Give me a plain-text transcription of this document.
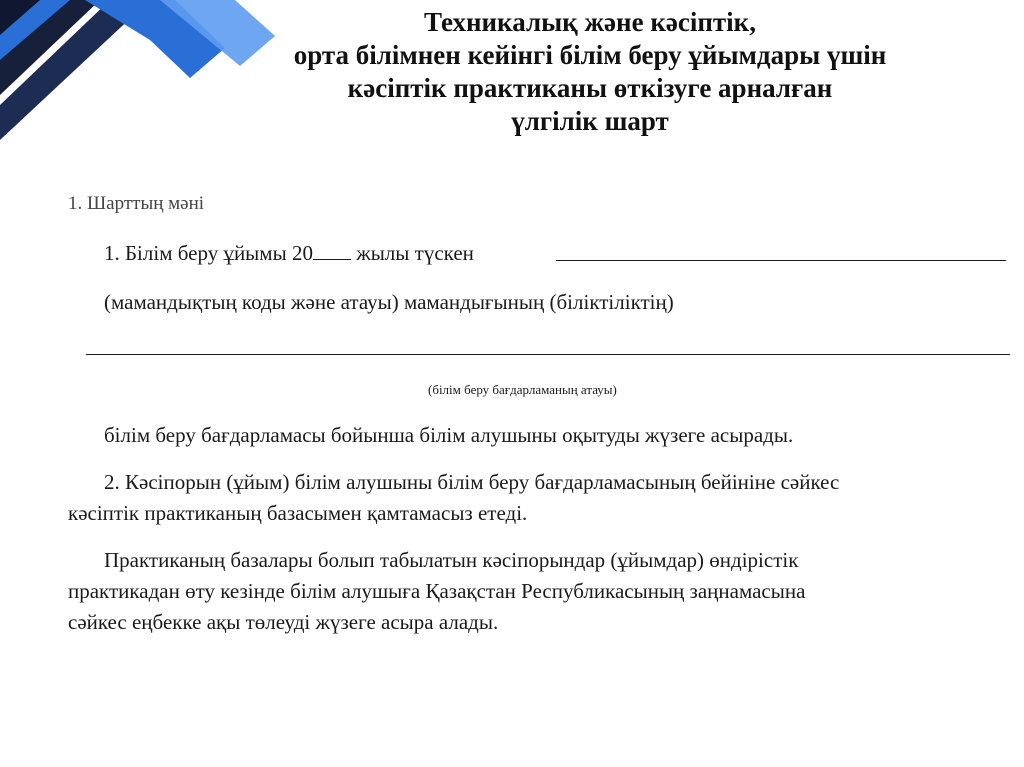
Техникалық және кәсіптік,
орта білімнен кейінгі білім беру ұйымдары үшін
кәсіптік практиканы өткізуге арналған
үлгілік шарт
1. Шарттың мәні
1. Білім беру ұйымы 20 жылы түскен
(мамандықтың коды және атауы) мамандығының (біліктіліктің)
(білім беру бағдарламаның атауы)
білім беру бағдарламасы бойынша білім алушыны оқытуды жүзеге асырады.
2. Кәсіпорын (ұйым) білім алушыны білім беру бағдарламасының бейініне сәйкес
кәсіптік практиканың базасымен қамтамасыз етеді.
Практиканың базалары болып табылатын кәсіпорындар (ұйымдар) өндірістік
практикадан өту кезінде білім алушыға Қазақстан Республикасының заңнамасына
сәйкес еңбекке ақы төлеуді жүзеге асыра алады.
